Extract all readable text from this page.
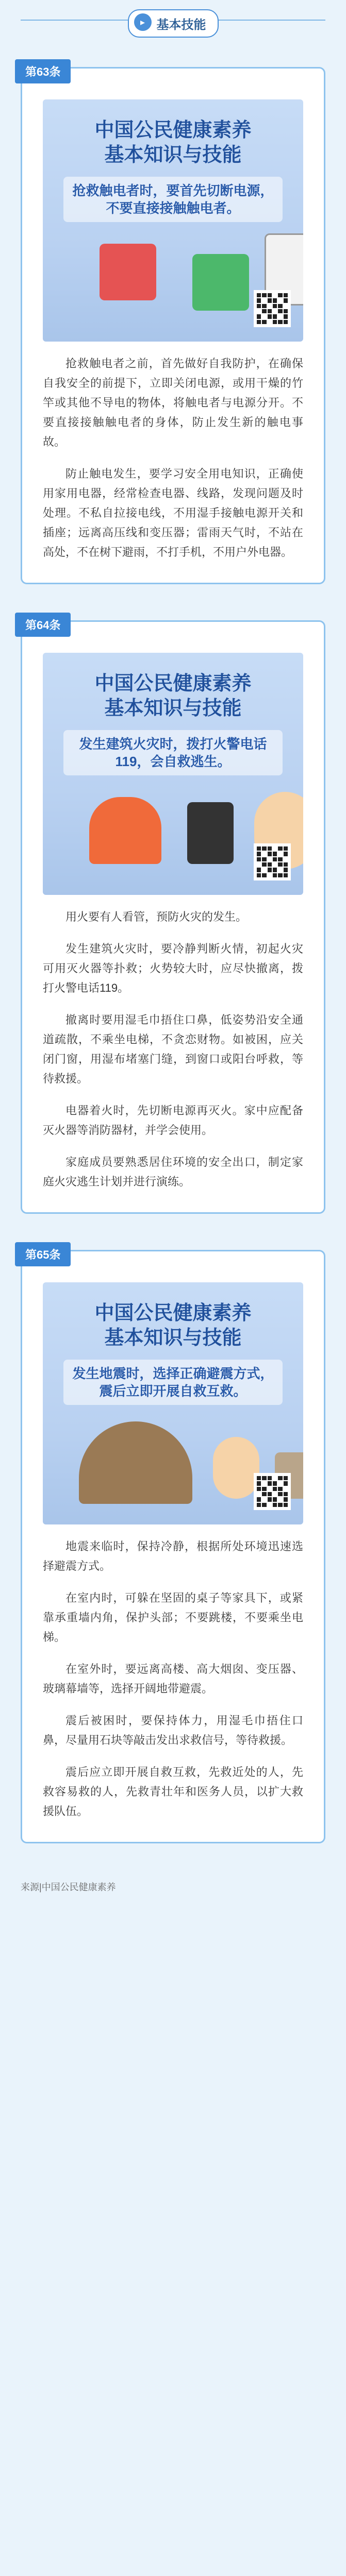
▸ 基本技能
第63条
中国公民健康素养
基本知识与技能
抢救触电者时，要首先切断电源，不要直接接触触电者。

抢救触电者之前，首先做好自我防护，在确保自我安全的前提下，立即关闭电源，或用干燥的竹竿或其他不导电的物体，将触电者与电源分开。不要直接接触触电者的身体，防止发生新的触电事故。

防止触电发生，要学习安全用电知识，正确使用家用电器，经常检查电器、线路，发现问题及时处理。不私自拉接电线，不用湿手接触电源开关和插座；远离高压线和变压器；雷雨天气时，不站在高处，不在树下避雨，不打手机，不用户外电器。

第64条
中国公民健康素养
基本知识与技能
发生建筑火灾时，拨打火警电话119，会自救逃生。

用火要有人看管，预防火灾的发生。

发生建筑火灾时，要冷静判断火情，初起火灾可用灭火器等扑救；火势较大时，应尽快撤离，拨打火警电话119。

撤离时要用湿毛巾捂住口鼻，低姿势沿安全通道疏散，不乘坐电梯，不贪恋财物。如被困，应关闭门窗，用湿布堵塞门缝，到窗口或阳台呼救，等待救援。

电器着火时，先切断电源再灭火。家中应配备灭火器等消防器材，并学会使用。

家庭成员要熟悉居住环境的安全出口，制定家庭火灾逃生计划并进行演练。

第65条
中国公民健康素养
基本知识与技能
发生地震时，选择正确避震方式，震后立即开展自救互救。

地震来临时，保持冷静，根据所处环境迅速选择避震方式。

在室内时，可躲在坚固的桌子等家具下，或紧靠承重墙内角，保护头部；不要跳楼，不要乘坐电梯。

在室外时，要远离高楼、高大烟囱、变压器、玻璃幕墙等，选择开阔地带避震。

震后被困时，要保持体力，用湿毛巾捂住口鼻，尽量用石块等敲击发出求救信号，等待救援。

震后应立即开展自救互救，先救近处的人，先救容易救的人，先救青壮年和医务人员，以扩大救援队伍。

来源|中国公民健康素养
